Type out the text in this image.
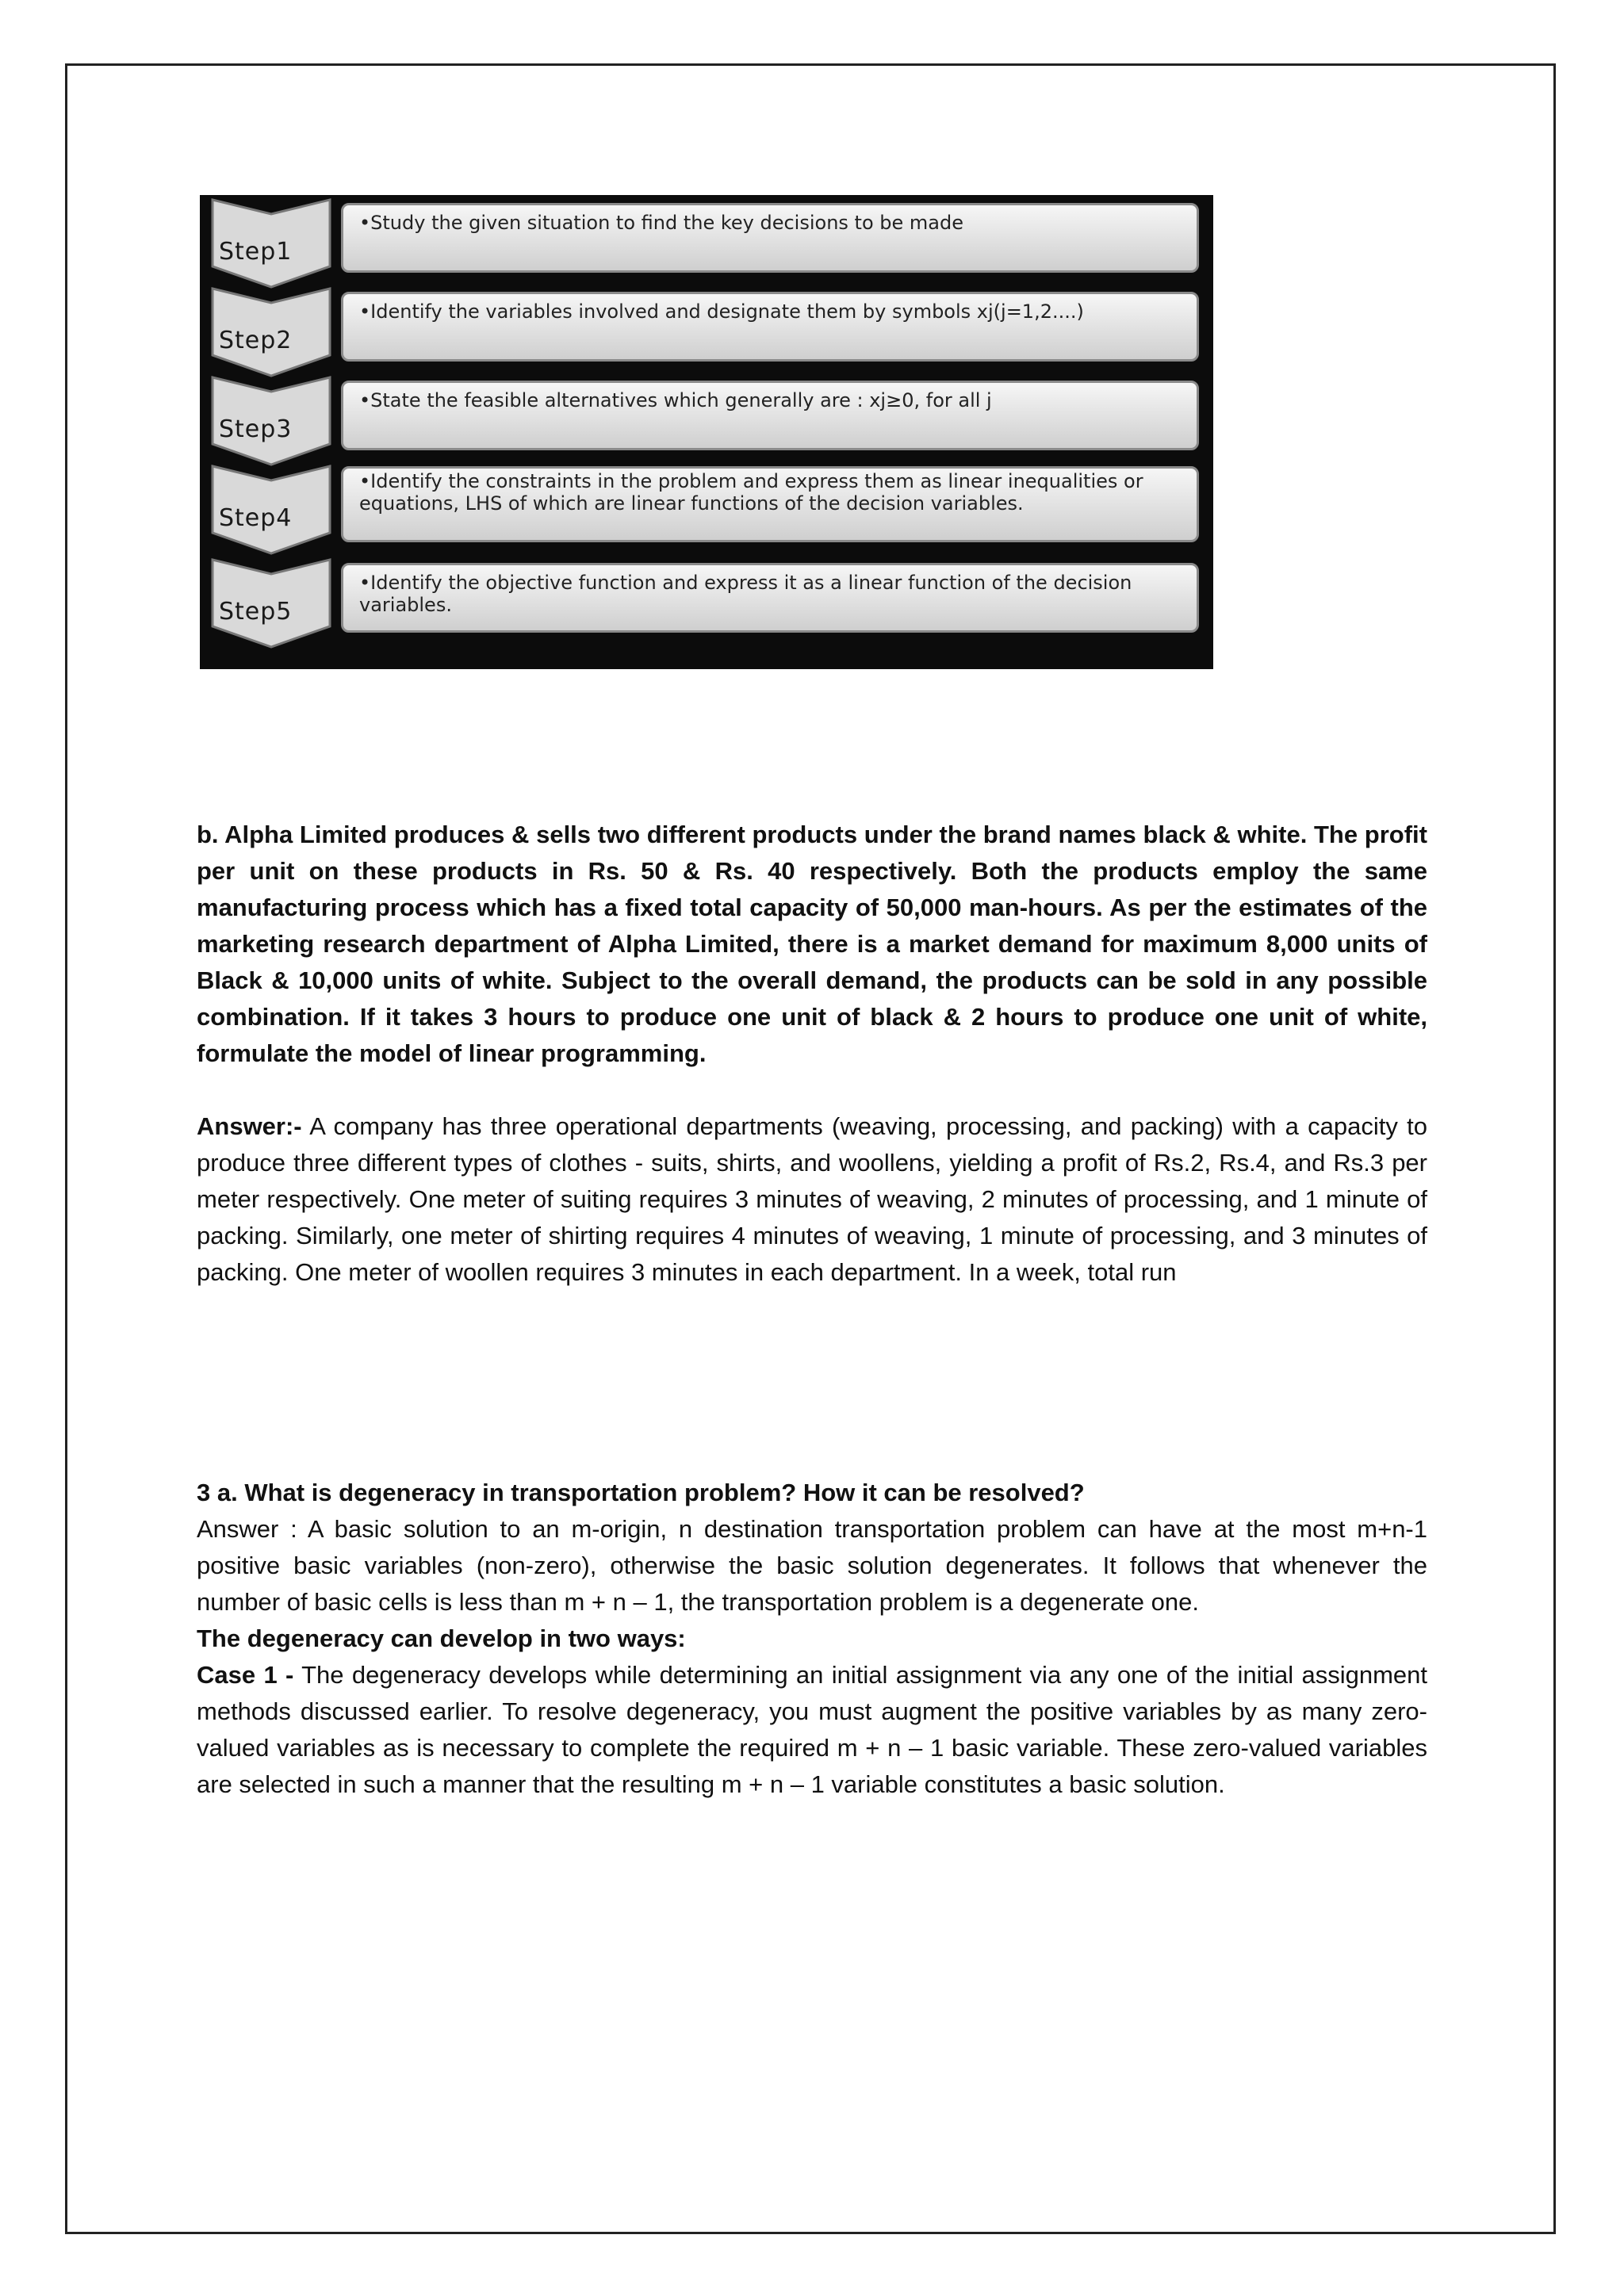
Step1
•Study the given situation to find the key decisions to be made
Step2
•Identify the variables involved and designate them by symbols xj(j=1,2....)
Step3
•State the feasible alternatives which generally are : xj≥0, for all j
Step4
•Identify the constraints in the problem and express them as linear inequalities or equations, LHS of which are linear functions of the decision variables.
Step5
•Identify the objective function and express it as a linear function of the decision variables.
b. Alpha Limited produces & sells two different products under the brand names black & white. The profit per unit on these products in Rs. 50 & Rs. 40 respectively. Both the products employ the same manufacturing process which has a fixed total capacity of 50,000 man-hours. As per the estimates of the marketing research department of Alpha Limited, there is a market demand for maximum 8,000 units of Black & 10,000 units of white. Subject to the overall demand, the products can be sold in any possible combination. If it takes 3 hours to produce one unit of black & 2 hours to produce one unit of white, formulate the model of linear programming.
Answer:- A company has three operational departments (weaving, processing, and packing) with a capacity to produce three different types of clothes - suits, shirts, and woollens, yielding a profit of Rs.2, Rs.4, and Rs.3 per meter respectively. One meter of suiting requires 3 minutes of weaving, 2 minutes of processing, and 1 minute of packing. Similarly, one meter of shirting requires 4 minutes of weaving, 1 minute of processing, and 3 minutes of packing. One meter of woollen requires 3 minutes in each department. In a week, total run
3 a. What is degeneracy in transportation problem? How it can be resolved?
Answer : A basic solution to an m-origin, n destination transportation problem can have at the most m+n-1 positive basic variables (non-zero), otherwise the basic solution degenerates. It follows that whenever the number of basic cells is less than m + n – 1, the transportation problem is a degenerate one.
The degeneracy can develop in two ways:
Case 1 - The degeneracy develops while determining an initial assignment via any one of the initial assignment methods discussed earlier. To resolve degeneracy, you must augment the positive variables by as many zero-valued variables as is necessary to complete the required m + n – 1 basic variable. These zero-valued variables are selected in such a manner that the resulting m + n – 1 variable constitutes a basic solution.
